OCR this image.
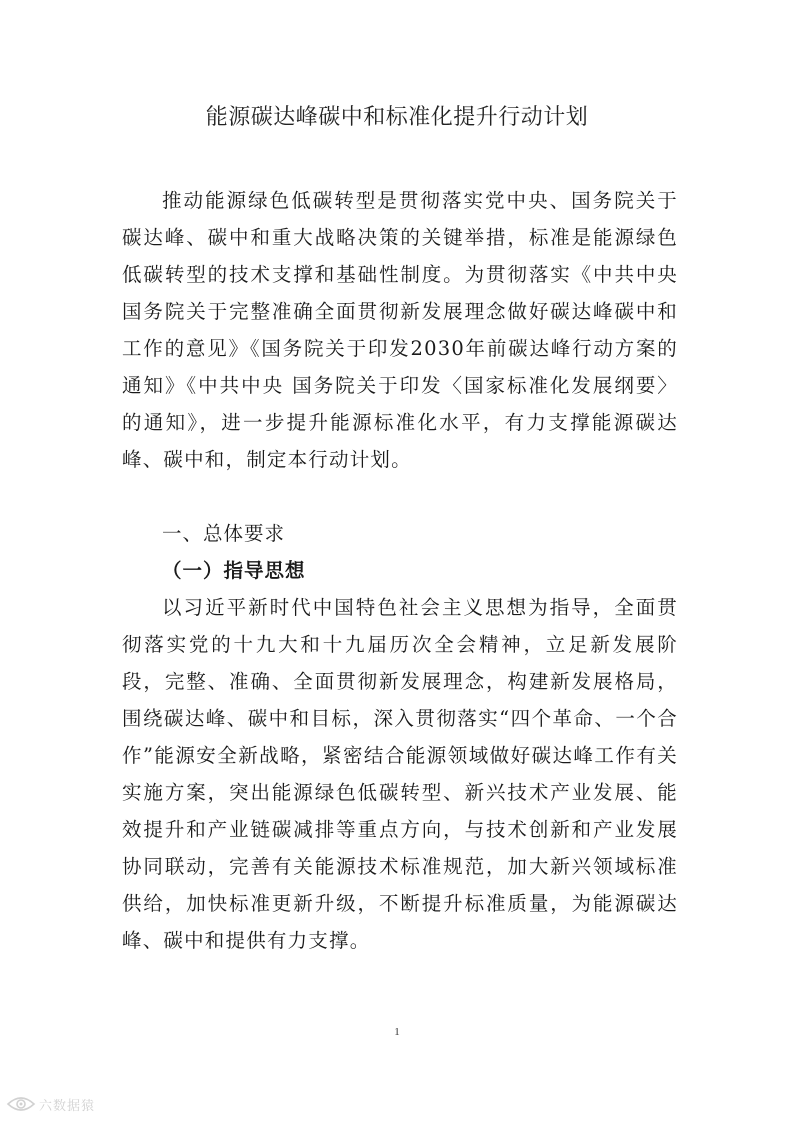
能源碳达峰碳中和标准化提升行动计划
推动能源绿色低碳转型是贯彻落实党中央、国务院关于碳达峰、碳中和重大战略决策的关键举措，标准是能源绿色低碳转型的技术支撑和基础性制度。为贯彻落实《中共中央 国务院关于完整准确全面贯彻新发展理念做好碳达峰碳中和工作的意见》《国务院关于印发2030年前碳达峰行动方案的通知》《中共中央 国务院关于印发〈国家标准化发展纲要〉的通知》，进一步提升能源标准化水平，有力支撑能源碳达峰、碳中和，制定本行动计划。
一、总体要求
（一）指导思想
以习近平新时代中国特色社会主义思想为指导，全面贯彻落实党的十九大和十九届历次全会精神，立足新发展阶段，完整、准确、全面贯彻新发展理念，构建新发展格局，围绕碳达峰、碳中和目标，深入贯彻落实“四个革命、一个合作”能源安全新战略，紧密结合能源领域做好碳达峰工作有关实施方案，突出能源绿色低碳转型、新兴技术产业发展、能效提升和产业链碳减排等重点方向，与技术创新和产业发展协同联动，完善有关能源技术标准规范，加大新兴领域标准供给，加快标准更新升级，不断提升标准质量，为能源碳达峰、碳中和提供有力支撑。
1
六数据猿
